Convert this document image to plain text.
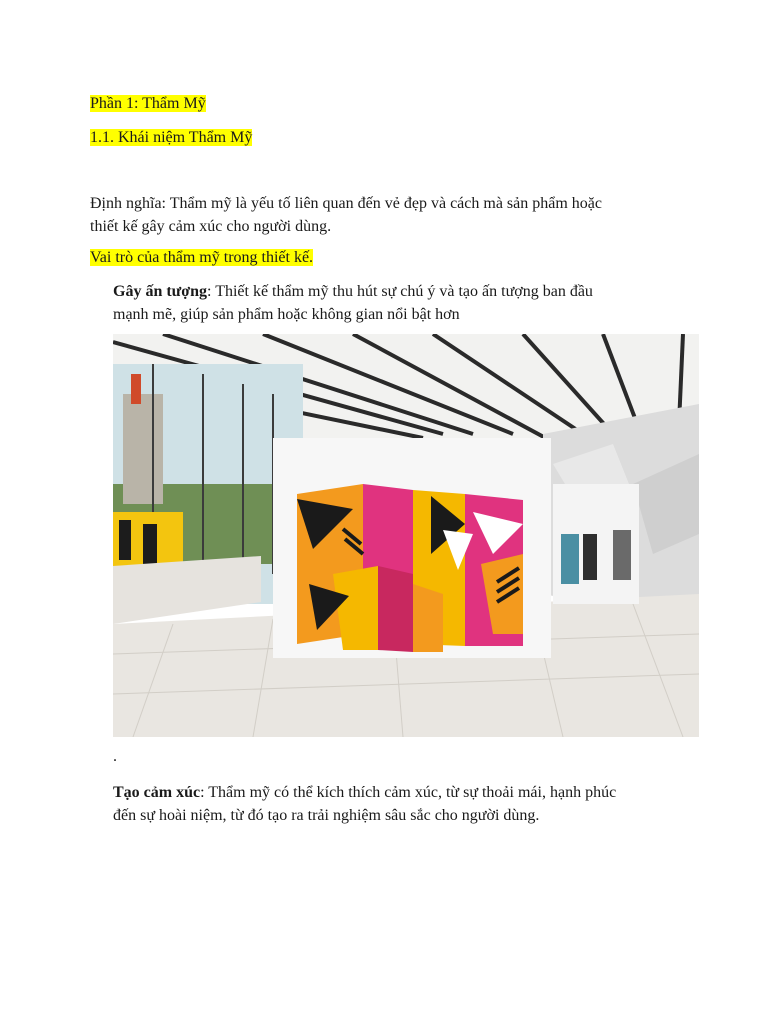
Phần 1: Thẩm Mỹ

1.1. Khái niệm Thẩm Mỹ

Định nghĩa: Thẩm mỹ là yếu tố liên quan đến vẻ đẹp và cách mà sản phẩm hoặc
thiết kế gây cảm xúc cho người dùng.

Vai trò của thẩm mỹ trong thiết kế.

Gây ấn tượng: Thiết kế thẩm mỹ thu hút sự chú ý và tạo ấn tượng ban đầu
mạnh mẽ, giúp sản phẩm hoặc không gian nổi bật hơn

.

Tạo cảm xúc: Thẩm mỹ có thể kích thích cảm xúc, từ sự thoải mái, hạnh phúc
đến sự hoài niệm, từ đó tạo ra trải nghiệm sâu sắc cho người dùng.
